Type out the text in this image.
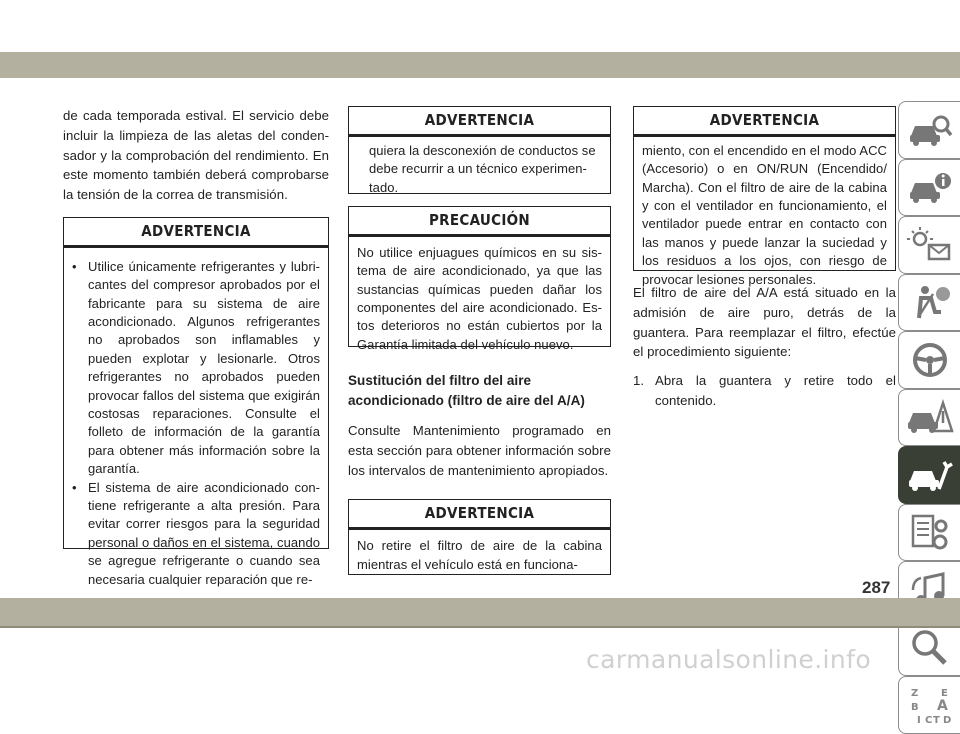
de cada temporada estival. El servicio debe incluir la limpieza de las aletas del condensador y la comprobación del rendimiento. En este momento también deberá comprobarse la tensión de la correa de transmisión.

ADVERTENCIA
• Utilice únicamente refrigerantes y lubricantes del compresor aprobados por el fabricante para su sistema de aire acondicionado. Algunos refrigerantes no aprobados son inflamables y pueden explotar y lesionarle. Otros refrigerantes no aprobados pueden provocar fallos del sistema que exigirán costosas reparaciones. Consulte el folleto de información de la garantía para obtener más información sobre la garantía.
• El sistema de aire acondicionado contiene refrigerante a alta presión. Para evitar correr riesgos para la seguridad personal o daños en el sistema, cuando se agregue refrigerante o cuando sea necesaria cualquier reparación que re-
ADVERTENCIA
quiera la desconexión de conductos se debe recurrir a un técnico experimentado.
PRECAUCIÓN

No utilice enjuagues químicos en su sistema de aire acondicionado, ya que las sustancias químicas pueden dañar los componentes del aire acondicionado. Estos deterioros no están cubiertos por la Garantía limitada del vehículo nuevo.

Sustitución del filtro del aire acondicionado (filtro de aire del A/A)

Consulte Mantenimiento programado en esta sección para obtener información sobre los intervalos de mantenimiento apropiados.

ADVERTENCIA

No retire el filtro de aire de la cabina mientras el vehículo está en funciona-

ADVERTENCIA

miento, con el encendido en el modo ACC (Accesorio) o en ON/RUN (Encendido/ Marcha). Con el filtro de aire de la cabina y con el ventilador en funcionamiento, el ventilador puede entrar en contacto con las manos y puede lanzar la suciedad y los residuos a los ojos, con riesgo de provocar lesiones personales.

El filtro de aire del A/A está situado en la admisión de aire puro, detrás de la guantera. Para reemplazar el filtro, efectúe el procedimiento siguiente:

1. Abra la guantera y retire todo el contenido.
Z E
B A
I C T D
287
carmanualsonline.info
